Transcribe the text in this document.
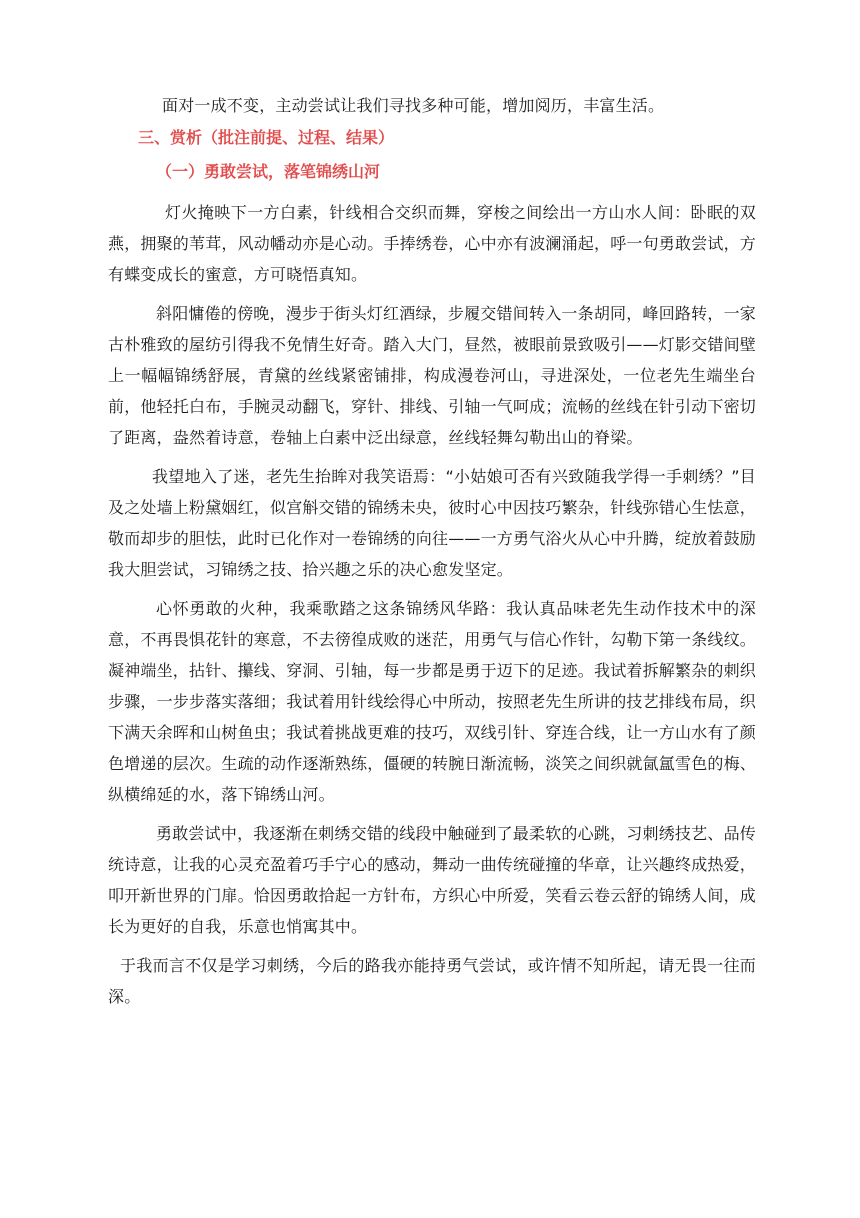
面对一成不变，主动尝试让我们寻找多种可能，增加阅历，丰富生活。

三、赏析（批注前提、过程、结果）

（一）勇敢尝试，落笔锦绣山河

灯火掩映下一方白素，针线相合交织而舞，穿梭之间绘出一方山水人间：卧眠的双燕，拥聚的苇茸，风动幡动亦是心动。手捧绣卷，心中亦有波澜涌起，呼一句勇敢尝试，方有蝶变成长的蜜意，方可晓悟真知。

斜阳慵倦的傍晚，漫步于街头灯红酒绿，步履交错间转入一条胡同，峰回路转，一家古朴雅致的屋纺引得我不免情生好奇。踏入大门，昼然，被眼前景致吸引——灯影交错间壁上一幅幅锦绣舒展，青黛的丝线紧密铺排，构成漫卷河山，寻进深处，一位老先生端坐台前，他轻托白布，手腕灵动翻飞，穿针、排线、引轴一气呵成；流畅的丝线在针引动下密切了距离，盎然着诗意，卷轴上白素中泛出绿意，丝线轻舞勾勒出山的脊梁。

我望地入了迷，老先生抬眸对我笑语焉：“小姑娘可否有兴致随我学得一手刺绣？”目及之处墙上粉黛姻红，似宫斛交错的锦绣未央，彼时心中因技巧繁杂，针线弥错心生怯意，敬而却步的胆怯，此时已化作对一卷锦绣的向往——一方勇气浴火从心中升腾，绽放着鼓励我大胆尝试，习锦绣之技、拾兴趣之乐的决心愈发坚定。

心怀勇敢的火种，我乘歌踏之这条锦绣风华路：我认真品味老先生动作技术中的深意，不再畏惧花针的寒意，不去徬徨成败的迷茫，用勇气与信心作针，勾勒下第一条线纹。凝神端坐，拈针、攥线、穿洞、引轴，每一步都是勇于迈下的足迹。我试着拆解繁杂的刺织步骤，一步步落实落细；我试着用针线绘得心中所动，按照老先生所讲的技艺排线布局，织下满天余晖和山树鱼虫；我试着挑战更难的技巧，双线引针、穿连合线，让一方山水有了颜色增递的层次。生疏的动作逐渐熟练，僵硬的转腕日渐流畅，淡笑之间织就氤氲雪色的梅、纵横绵延的水，落下锦绣山河。

勇敢尝试中，我逐渐在刺绣交错的线段中触碰到了最柔软的心跳，习刺绣技艺、品传统诗意，让我的心灵充盈着巧手宁心的感动，舞动一曲传统碰撞的华章，让兴趣终成热爱，叩开新世界的门扉。恰因勇敢拾起一方针布，方织心中所爱，笑看云卷云舒的锦绣人间，成长为更好的自我，乐意也悄寓其中。

于我而言不仅是学习刺绣，今后的路我亦能持勇气尝试，或许情不知所起，请无畏一往而深。
